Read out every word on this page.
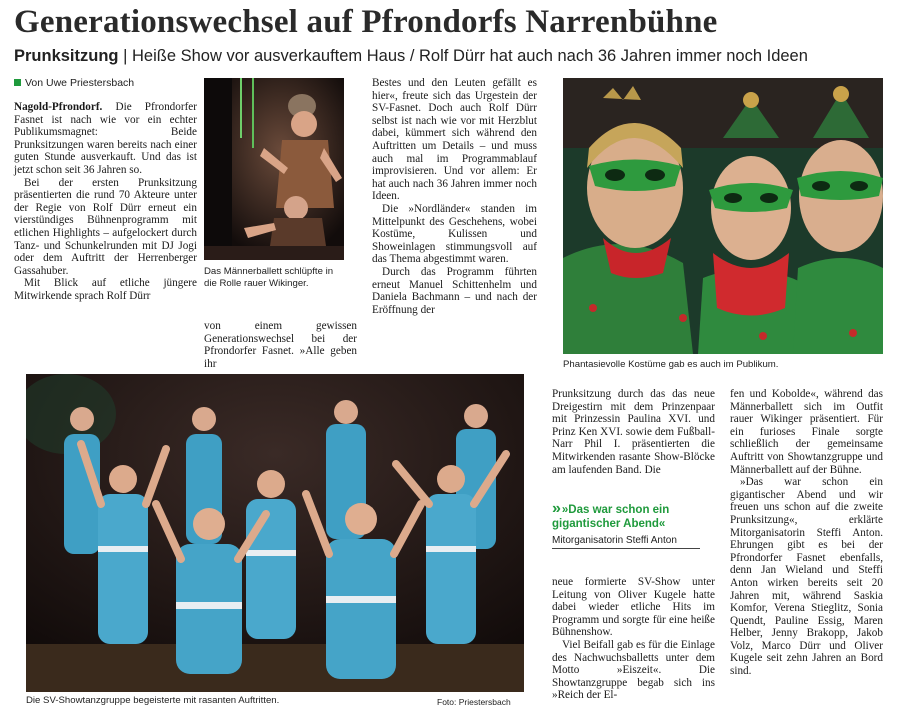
Generationswechsel auf Pfrondorfs Narrenbühne
Prunksitzung | Heiße Show vor ausverkauftem Haus / Rolf Dürr hat auch nach 36 Jahren immer noch Ideen
Von Uwe Priestersbach

Nagold-Pfrondorf. Die Pfrondorfer Fasnet ist nach wie vor ein echter Publikumsmagnet: Beide Prunksitzungen waren bereits nach einer guten Stunde ausverkauft. Und das ist jetzt schon seit 36 Jahren so.

Bei der ersten Prunksitzung präsentierten die rund 70 Akteure unter der Regie von Rolf Dürr erneut ein vierstündiges Bühnenprogramm mit etlichen Highlights – aufgelockert durch Tanz- und Schunkelrunden mit DJ Jogi oder dem Auftritt der Herrenberger Gassahuber.

Mit Blick auf etliche jüngere Mitwirkende sprach Rolf Dürr

Das Männerballett schlüpfte in die Rolle rauer Wikinger.
von einem gewissen Generationswechsel bei der Pfrondorfer Fasnet. »Alle geben ihr

Bestes und den Leuten gefällt es hier«, freute sich das Urgestein der SV-Fasnet. Doch auch Rolf Dürr selbst ist nach wie vor mit Herzblut dabei, kümmert sich während den Auftritten um Details – und muss auch mal im Programmablauf improvisieren. Und vor allem: Er hat auch nach 36 Jahren immer noch Ideen.

Die »Nordländer« standen im Mittelpunkt des Geschehens, wobei Kostüme, Kulissen und Showeinlagen stimmungsvoll auf das Thema abgestimmt waren.

Durch das Programm führten erneut Manuel Schittenhelm und Daniela Bachmann – und nach der Eröffnung der

Phantasievolle Kostüme gab es auch im Publikum.
Die SV-Showtanzgruppe begeisterte mit rasanten Auftritten.	Foto: Priestersbach
Prunksitzung durch das das neue Dreigestirn mit dem Prinzenpaar mit Prinzessin Paulina XVI. und Prinz Ken XVI. sowie dem Fußball-Narr Phil I. präsentierten die Mitwirkenden rasante Show-Blöcke am laufenden Band. Die
» »Das war schon ein gigantischer Abend«
Mitorganisatorin Steffi Anton

neue formierte SV-Show unter Leitung von Oliver Kugele hatte dabei wieder etliche Hits im Programm und sorgte für eine heiße Bühnenshow.

Viel Beifall gab es für die Einlage des Nachwuchsballetts unter dem Motto »Eiszeit«. Die Showtanzgruppe begab sich ins »Reich der El-

fen und Kobolde«, während das Männerballett sich im Outfit rauer Wikinger präsentiert. Für ein furioses Finale sorgte schließlich der gemeinsame Auftritt von Showtanzgruppe und Männerballett auf der Bühne.

»Das war schon ein gigantischer Abend und wir freuen uns schon auf die zweite Prunksitzung«, erklärte Mitorganisatorin Steffi Anton. Ehrungen gibt es bei der Pfrondorfer Fasnet ebenfalls, denn Jan Wieland und Steffi Anton wirken bereits seit 20 Jahren mit, während Saskia Komfor, Verena Stieglitz, Sonia Quendt, Pauline Essig, Maren Helber, Jenny Brakopp, Jakob Volz, Marco Dürr und Oliver Kugele seit zehn Jahren an Bord sind.
